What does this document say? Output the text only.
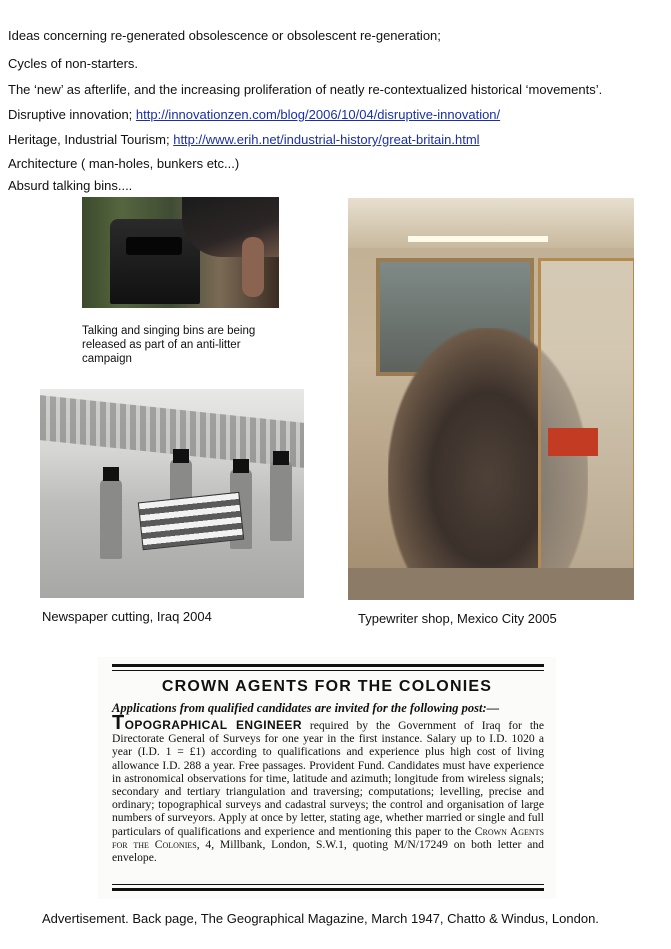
Ideas concerning re-generated obsolescence or obsolescent re-generation;
Cycles of non-starters.
The ‘new’ as afterlife, and the increasing proliferation of neatly re-contextualized historical ‘movements’.
Disruptive innovation; http://innovationzen.com/blog/2006/10/04/disruptive-innovation/
Heritage, Industrial Tourism; http://www.erih.net/industrial-history/great-britain.html
Architecture ( man-holes, bunkers etc...)
Absurd talking bins....
Talking and singing bins are being released as part of an anti-litter campaign
Newspaper cutting, Iraq 2004	Typewriter shop, Mexico City 2005
CROWN AGENTS FOR THE COLONIES
Applications from qualified candidates are invited for the following post:—
TOPOGRAPHICAL ENGINEER required by the Government of Iraq for the Directorate General of Surveys for one year in the first instance. Salary up to I.D. 1020 a year (I.D. 1 = £1) according to qualifications and experience plus high cost of living allowance I.D. 288 a year. Free passages. Provident Fund. Candidates must have experience in astronomical observations for time, latitude and azimuth; longitude from wireless signals; secondary and tertiary triangulation and traversing; computations; levelling, precise and ordinary; topographical surveys and cadastral surveys; the control and organisation of large numbers of surveyors. Apply at once by letter, stating age, whether married or single and full particulars of qualifications and experience and mentioning this paper to the Crown Agents for the Colonies, 4, Millbank, London, S.W.1, quoting M/N/17249 on both letter and envelope.
Advertisement. Back page, The Geographical Magazine, March 1947, Chatto & Windus, London.
